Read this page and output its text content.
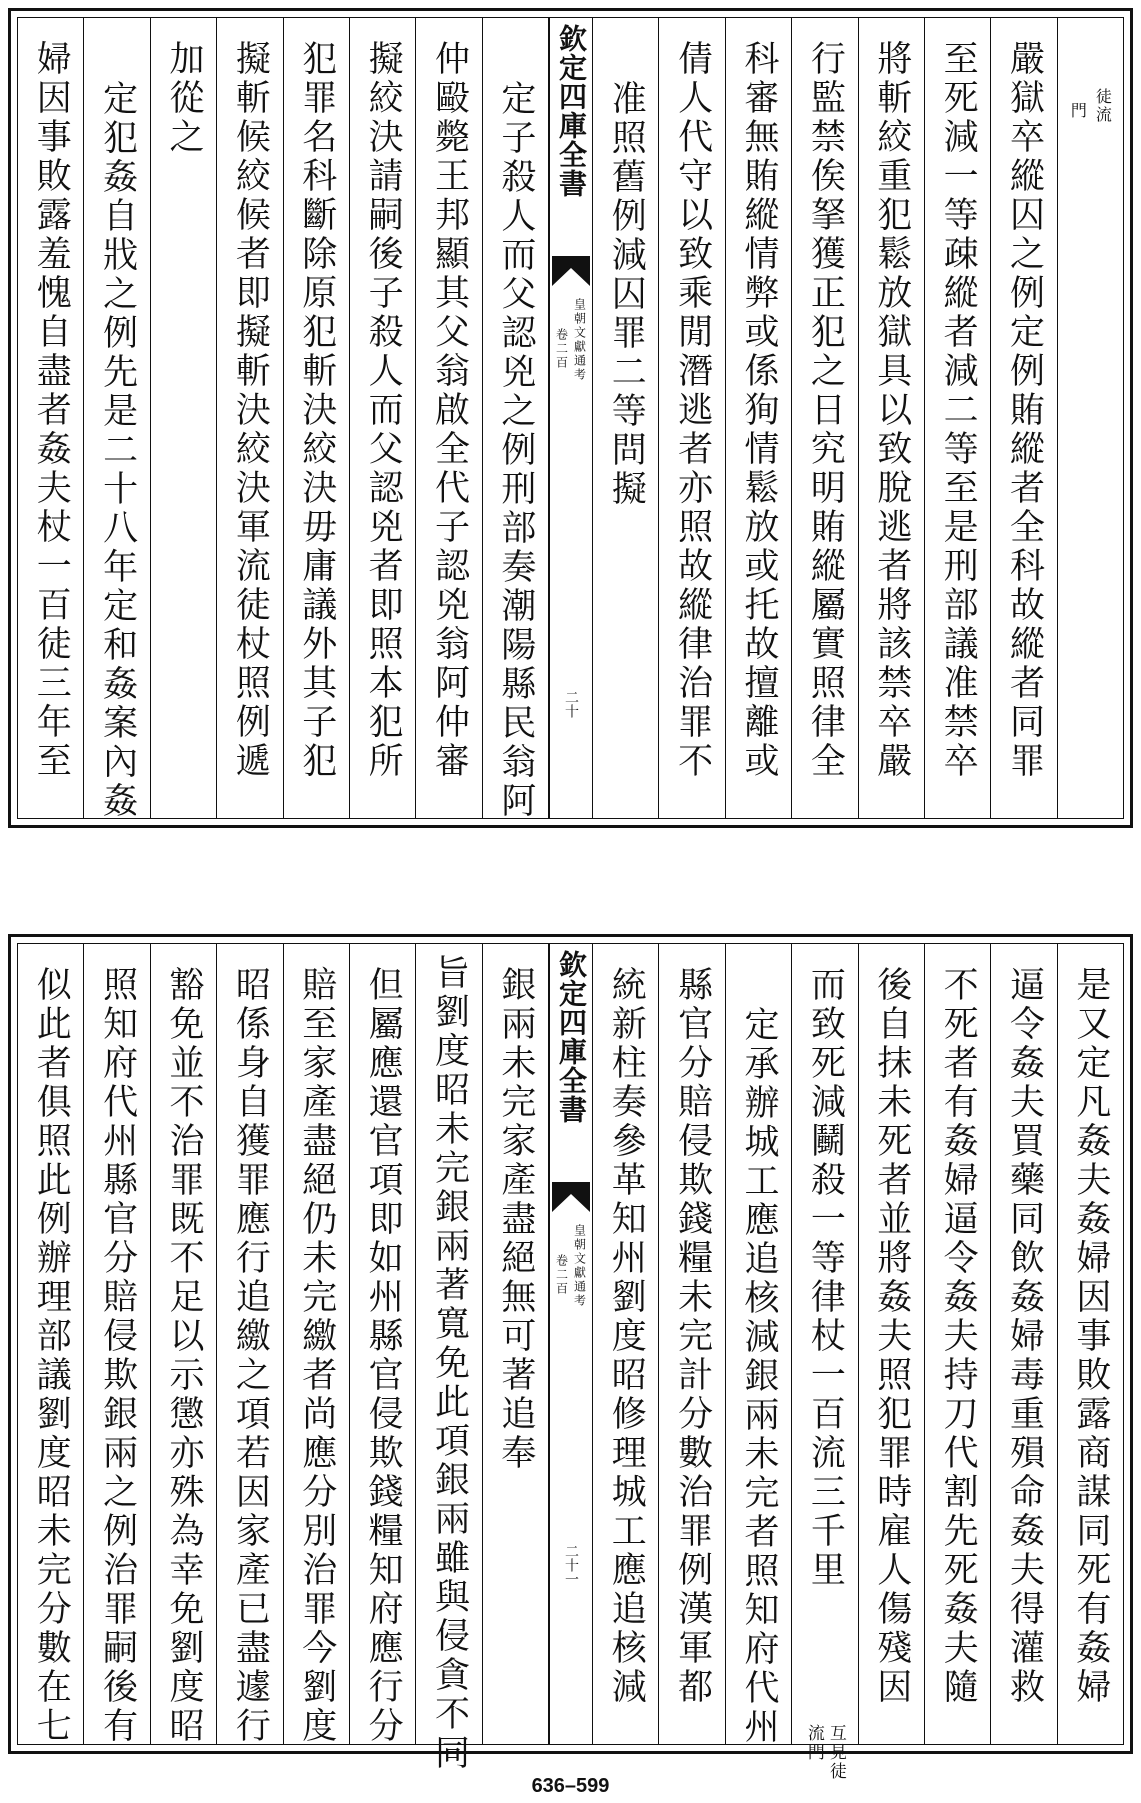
徒流
門
嚴獄卒縱囚之例定例賄縱者全科故縱者同罪
至死減一等疎縱者減二等至是刑部議准禁卒
將斬絞重犯鬆放獄具以致脫逃者將該禁卒嚴
行監禁俟拏獲正犯之日究明賄縱屬實照律全
科審無賄縱情弊或係狥情鬆放或托故擅離或
倩人代守以致乘閒潛逃者亦照故縱律治罪不
准照舊例減囚罪二等問擬
欽定四庫全書
皇朝文獻通考
卷二百
二十
定子殺人而父認兇之例刑部奏潮陽縣民翁阿
仲毆斃王邦顯其父翁啟全代子認兇翁阿仲審
擬絞決請嗣後子殺人而父認兇者即照本犯所
犯罪名科斷除原犯斬決絞決毋庸議外其子犯
擬斬候絞候者即擬斬決絞決軍流徒杖照例遞
加從之
定犯姦自戕之例先是二十八年定和姦案內姦
婦因事敗露羞愧自盡者姦夫杖一百徒三年至
是又定凡姦夫姦婦因事敗露商謀同死有姦婦
逼令姦夫買藥同飲姦婦毒重殞命姦夫得灌救
不死者有姦婦逼令姦夫持刀代割先死姦夫隨
後自抹未死者並將姦夫照犯罪時雇人傷殘因
而致死減鬭殺一等律杖一百流三千里
互見徒
流門
定承辦城工應追核減銀兩未完者照知府代州
縣官分賠侵欺錢糧未完計分數治罪例漢軍都
統新柱奏參革知州劉度昭修理城工應追核減
欽定四庫全書
皇朝文獻通考
卷二百
二十一
銀兩未完家產盡絕無可著追奉
旨劉度昭未完銀兩著寬免此項銀兩雖與侵貪不同
但屬應還官項即如州縣官侵欺錢糧知府應行分
賠至家產盡絕仍未完繳者尚應分別治罪今劉度
昭係身自獲罪應行追繳之項若因家產已盡遽行
豁免並不治罪既不足以示懲亦殊為幸免劉度昭
照知府代州縣官分賠侵欺銀兩之例治罪嗣後有
似此者俱照此例辦理部議劉度昭未完分數在七
636–599
